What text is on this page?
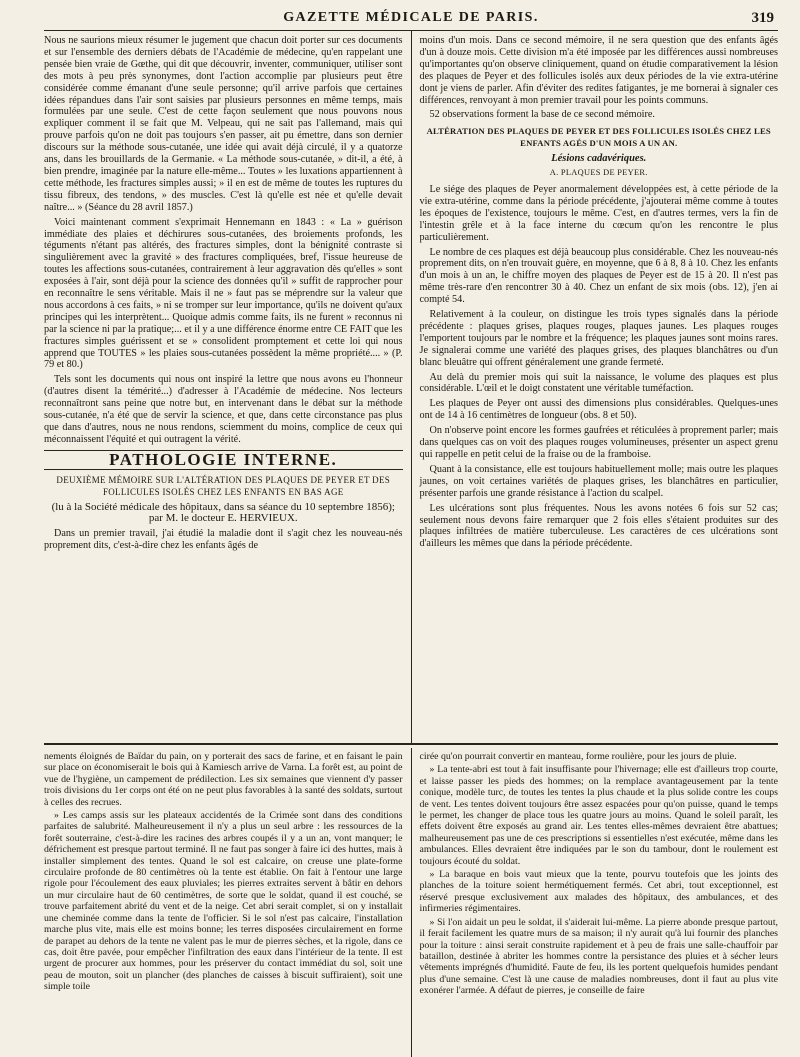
GAZETTE MÉDICALE DE PARIS.	319

Nous ne saurions mieux résumer le jugement que chacun doit porter sur ces documents et sur l'ensemble des derniers débats de l'Académie de médecine, qu'en rappelant une pensée bien vraie de Gœthe, qui dit que découvrir, inventer, communiquer, utiliser sont des mots à peu près synonymes, dont l'action accomplie par plusieurs peut être considérée comme émanant d'une seule personne; qu'il arrive parfois que certaines idées répandues dans l'air sont saisies par plusieurs personnes en même temps, mais formulées par une seule. C'est de cette façon seulement que nous pouvons nous expliquer comment il se fait que M. Velpeau, qui ne sait pas l'allemand, mais qui prouve parfois qu'on ne doit pas toujours s'en passer, ait pu émettre, dans son dernier discours sur la méthode sous-cutanée, une idée qui avait déjà circulé, il y a quatorze ans, dans les brouillards de la Germanie. « La méthode sous-cutanée, » dit-il, a été, à bien prendre, imaginée par la nature elle-même... Toutes » les luxations appartiennent à cette méthode, les fractures simples aussi; » il en est de même de toutes les ruptures du tissu fibreux, des tendons, » des muscles. C'est là qu'elle est née et qu'elle devait naître... » (Séance du 28 avril 1857.)

Voici maintenant comment s'exprimait Hennemann en 1843 : « La » guérison immédiate des plaies et déchirures sous-cutanées, des broiements profonds, les téguments n'étant pas altérés, des fractures simples, dont la bénignité contraste si singulièrement avec la gravité » des fractures compliquées, bref, l'issue heureuse de toutes les affections sous-cutanées, contrairement à leur aggravation dès qu'elles » sont exposées à l'air, sont déjà pour la science des données qu'il » suffit de rapprocher pour en reconnaître le sens véritable. Mais il ne » faut pas se méprendre sur la valeur que nous accordons à ces faits, » ni se tromper sur leur importance, qu'ils ne doivent qu'aux principes qui les interprètent... Quoique admis comme faits, ils ne furent » reconnus ni par la science ni par la pratique;... et il y a une différence énorme entre CE FAIT que les fractures simples guérissent et se » consolident promptement et cette loi qui nous apprend que TOUTES » les plaies sous-cutanées possèdent la même propriété.... » (P. 79 et 80.)

Tels sont les documents qui nous ont inspiré la lettre que nous avons eu l'honneur (d'autres disent la témérité...) d'adresser à l'Académie de médecine. Nos lecteurs reconnaîtront sans peine que notre but, en intervenant dans le débat sur la méthode sous-cutanée, n'a été que de servir la science, et que, dans cette circonstance pas plus que dans d'autres, nous ne nous rendons, sciemment du moins, complice de ceux qui méconnaissent l'équité et qui outragent la vérité.

PATHOLOGIE INTERNE.

DEUXIÈME MÉMOIRE SUR L'ALTÉRATION DES PLAQUES DE PEYER ET DES FOLLICULES ISOLÉS CHEZ LES ENFANTS EN BAS AGE

(lu à la Société médicale des hôpitaux, dans sa séance du 10 septembre 1856); par M. le docteur E. HERVIEUX.

Dans un premier travail, j'ai étudié la maladie dont il s'agit chez les nouveau-nés proprement dits, c'est-à-dire chez les enfants âgés de

moins d'un mois. Dans ce second mémoire, il ne sera question que des enfants âgés d'un à douze mois. Cette division m'a été imposée par les différences aussi nombreuses qu'importantes qu'on observe cliniquement, quand on étudie comparativement la lésion des plaques de Peyer et des follicules isolés aux deux périodes de la vie extra-utérine dont je viens de parler. Afin d'éviter des redites fatigantes, je me bornerai à signaler ces différences, renvoyant à mon premier travail pour les points communs.

52 observations forment la base de ce second mémoire.

ALTÉRATION DES PLAQUES DE PEYER ET DES FOLLICULES ISOLÉS CHEZ LES ENFANTS AGÉS D'UN MOIS A UN AN.
Lésions cadavériques.
A. PLAQUES DE PEYER.

Le siége des plaques de Peyer anormalement développées est, à cette période de la vie extra-utérine, comme dans la période précédente, j'ajouterai même comme à toutes les époques de l'existence, toujours le même. C'est, en d'autres termes, vers la fin de l'intestin grêle et à la face interne du cœcum qu'on les rencontre le plus particulièrement.

Le nombre de ces plaques est déjà beaucoup plus considérable. Chez les nouveau-nés proprement dits, on n'en trouvait guère, en moyenne, que 6 à 8, 8 à 10. Chez les enfants d'un mois à un an, le chiffre moyen des plaques de Peyer est de 15 à 20. Il n'est pas même très-rare d'en rencontrer 30 à 40. Chez un enfant de six mois (obs. 12), j'en ai compté 54.

Relativement à la couleur, on distingue les trois types signalés dans la période précédente : plaques grises, plaques rouges, plaques jaunes. Les plaques rouges l'emportent toujours par le nombre et la fréquence; les plaques jaunes sont moins rares. Je signalerai comme une variété des plaques grises, des plaques blanchâtres ou d'un blanc bleuâtre qui offrent généralement une grande fermeté.

Au delà du premier mois qui suit la naissance, le volume des plaques est plus considérable. L'œil et le doigt constatent une véritable tuméfaction.

Les plaques de Peyer ont aussi des dimensions plus considérables. Quelques-unes ont de 14 à 16 centimètres de longueur (obs. 8 et 50).

On n'observe point encore les formes gaufrées et réticulées à proprement parler; mais dans quelques cas on voit des plaques rouges volumineuses, présenter un aspect grenu qui rappelle en petit celui de la fraise ou de la framboise.

Quant à la consistance, elle est toujours habituellement molle; mais outre les plaques jaunes, on voit certaines variétés de plaques grises, les blanchâtres en particulier, présenter parfois une grande résistance à l'action du scalpel.

Les ulcérations sont plus fréquentes. Nous les avons notées 6 fois sur 52 cas; seulement nous devons faire remarquer que 2 fois elles s'étaient produites sur des plaques infiltrées de matière tuberculeuse. Les caractères de ces ulcérations sont d'ailleurs les mêmes que dans la période précédente.

nements éloignés de Baïdar du pain, on y porterait des sacs de farine, et en faisant le pain sur place on économiserait le bois qui à Kamiesch arrive de Varna. La forêt est, au point de vue de l'hygiène, un campement de prédilection. Les six semaines que viennent d'y passer trois divisions du 1er corps ont été on ne peut plus favorables à la santé des soldats, surtout à celles des recrues.

» Les camps assis sur les plateaux accidentés de la Crimée sont dans des conditions parfaites de salubrité. Malheureusement il n'y a plus un seul arbre : les ressources de la forêt souterraine, c'est-à-dire les racines des arbres coupés il y a un an, vont manquer; le défrichement est presque partout terminé. Il ne faut pas songer à faire ici des huttes, mais à installer simplement des tentes. Quand le sol est calcaire, on creuse une plate-forme circulaire profonde de 80 centimètres où la tente est établie. On fait à l'entour une large rigole pour l'écoulement des eaux pluviales; les pierres extraites servent à bâtir en dehors un mur circulaire haut de 60 centimètres, de sorte que le soldat, quand il est couché, se trouve parfaitement abrité du vent et de la neige. Cet abri serait complet, si on y installait une cheminée comme dans la tente de l'officier. Si le sol n'est pas calcaire, l'installation marche plus vite, mais elle est moins bonne; les terres disposées circulairement en forme de parapet au dehors de la tente ne valent pas le mur de pierres sèches, et la rigole, dans ce cas, doit être pavée, pour empêcher l'infiltration des eaux dans l'intérieur de la tente. Il est urgent de procurer aux hommes, pour les préserver du contact immédiat du sol, soit une peau de mouton, soit un plancher (des planches de caisses à biscuit suffiraient), soit une simple toile

cirée qu'on pourrait convertir en manteau, forme roulière, pour les jours de pluie.

» La tente-abri est tout à fait insuffisante pour l'hivernage; elle est d'ailleurs trop courte, et laisse passer les pieds des hommes; on la remplace avantageusement par la tente conique, modèle turc, de toutes les tentes la plus chaude et la plus solide contre les coups de vent. Les tentes doivent toujours être assez espacées pour qu'on puisse, quand le temps le permet, les changer de place tous les quatre jours au moins. Quand le soleil paraît, les effets doivent être exposés au grand air. Les tentes elles-mêmes devraient être abattues; malheureusement pas une de ces prescriptions si essentielles n'est exécutée, même dans les ambulances. Elles devraient être indiquées par le son du tambour, dont le roulement est toujours écouté du soldat.

» La baraque en bois vaut mieux que la tente, pourvu toutefois que les joints des planches de la toiture soient hermétiquement fermés. Cet abri, tout exceptionnel, est réservé presque exclusivement aux malades des hôpitaux, des ambulances, et des infirmeries régimentaires.

» Si l'on aidait un peu le soldat, il s'aiderait lui-même. La pierre abonde presque partout, il ferait facilement les quatre murs de sa maison; il n'y aurait qu'à lui fournir des planches pour la toiture : ainsi serait construite rapidement et à peu de frais une salle-chauffoir par bataillon, destinée à abriter les hommes contre la persistance des pluies et à sécher leurs vêtements imprégnés d'humidité. Faute de feu, ils les portent quelquefois humides pendant plus d'une semaine. C'est là une cause de maladies nombreuses, dont il faut au plus vite exonérer l'armée. A défaut de pierres, je conseille de faire
